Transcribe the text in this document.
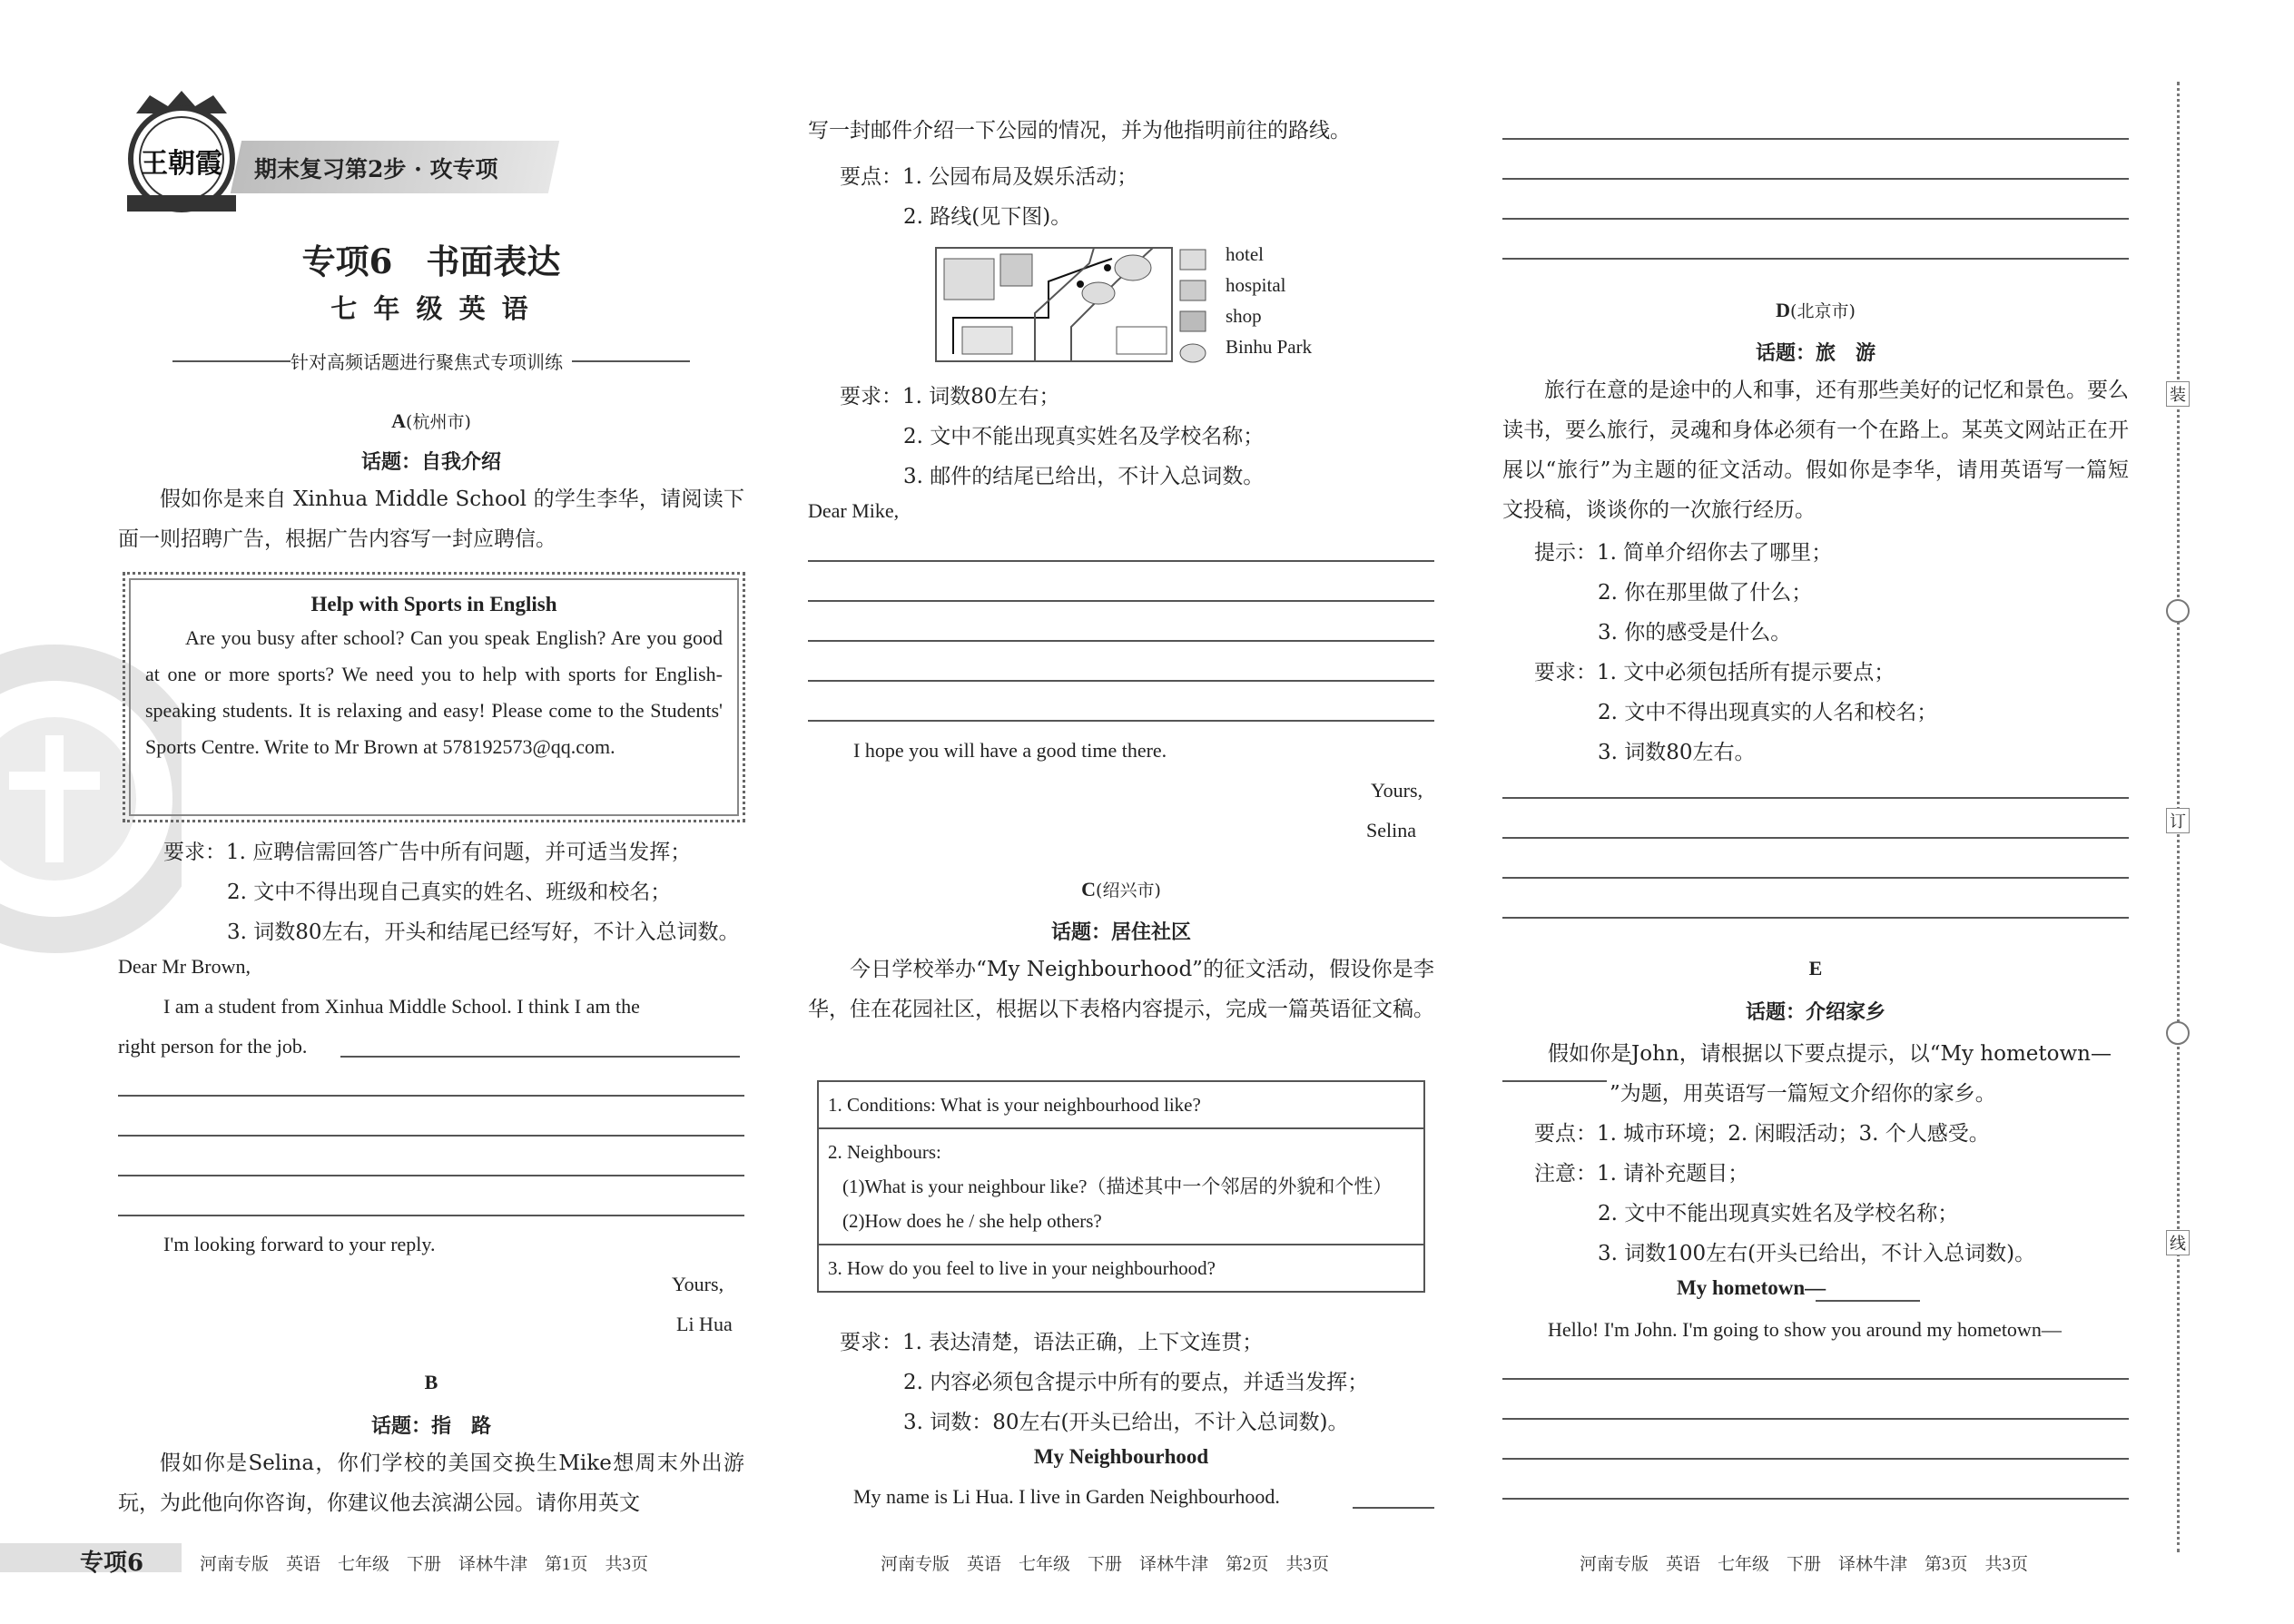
王朝霞 期末复习第2步 · 攻专项
专项6　书面表达
七 年 级 英 语
针对高频话题进行聚焦式专项训练
A(杭州市)
话题：自我介绍
假如你是来自 Xinhua Middle School 的学生李华，请阅读下面一则招聘广告，根据广告内容写一封应聘信。
Help with Sports in English
Are you busy after school? Can you speak English? Are you good at one or more sports? We need you to help with sports for English-speaking students. It is relaxing and easy! Please come to the Students' Sports Centre. Write to Mr Brown at 578192573@qq.com.
要求：1. 应聘信需回答广告中所有问题，并可适当发挥；
2. 文中不得出现自己真实的姓名、班级和校名；
3. 词数80左右，开头和结尾已经写好，不计入总词数。
Dear Mr Brown,
I am a student from Xinhua Middle School. I think I am the
right person for the job.
I'm looking forward to your reply.
Yours,
Li Hua
B
话题：指　路
假如你是Selina，你们学校的美国交换生Mike想周末外出游玩，为此他向你咨询，你建议他去滨湖公园。请你用英文
专项6	河南专版　英语　七年级　下册　译林牛津　第1页　共3页
写一封邮件介绍一下公园的情况，并为他指明前往的路线。
要点：1. 公园布局及娱乐活动；
2. 路线(见下图)。
hotel
hospital
shop
Binhu Park
要求：1. 词数80左右；
2. 文中不能出现真实姓名及学校名称；
3. 邮件的结尾已给出，不计入总词数。
Dear Mike,
I hope you will have a good time there.
Yours,
Selina
C(绍兴市)
话题：居住社区
今日学校举办“My Neighbourhood”的征文活动，假设你是李华，住在花园社区，根据以下表格内容提示，完成一篇英语征文稿。
1. Conditions: What is your neighbourhood like?

2. Neighbours:
(1)What is your neighbour like?（描述其中一个邻居的外貌和个性）
(2)How does he / she help others?

3. How do you feel to live in your neighbourhood?
要求：1. 表达清楚，语法正确，上下文连贯；
2. 内容必须包含提示中所有的要点，并适当发挥；
3. 词数：80左右(开头已给出，不计入总词数)。
My Neighbourhood
My name is Li Hua. I live in Garden Neighbourhood.
河南专版　英语　七年级　下册　译林牛津　第2页　共3页
D(北京市)
话题：旅　游
旅行在意的是途中的人和事，还有那些美好的记忆和景色。要么读书，要么旅行，灵魂和身体必须有一个在路上。某英文网站正在开展以“旅行”为主题的征文活动。假如你是李华，请用英语写一篇短文投稿，谈谈你的一次旅行经历。
提示：1. 简单介绍你去了哪里；
2. 你在那里做了什么；
3. 你的感受是什么。
要求：1. 文中必须包括所有提示要点；
2. 文中不得出现真实的人名和校名；
3. 词数80左右。
E
话题：介绍家乡
假如你是John，请根据以下要点提示，以“My hometown—
”为题，用英语写一篇短文介绍你的家乡。
要点：1. 城市环境；2. 闲暇活动；3. 个人感受。
注意：1. 请补充题目；
2. 文中不能出现真实姓名及学校名称；
3. 词数100左右(开头已给出，不计入总词数)。
My hometown—
Hello! I'm John. I'm going to show you around my hometown—
河南专版　英语　七年级　下册　译林牛津　第3页　共3页
装
订
线
